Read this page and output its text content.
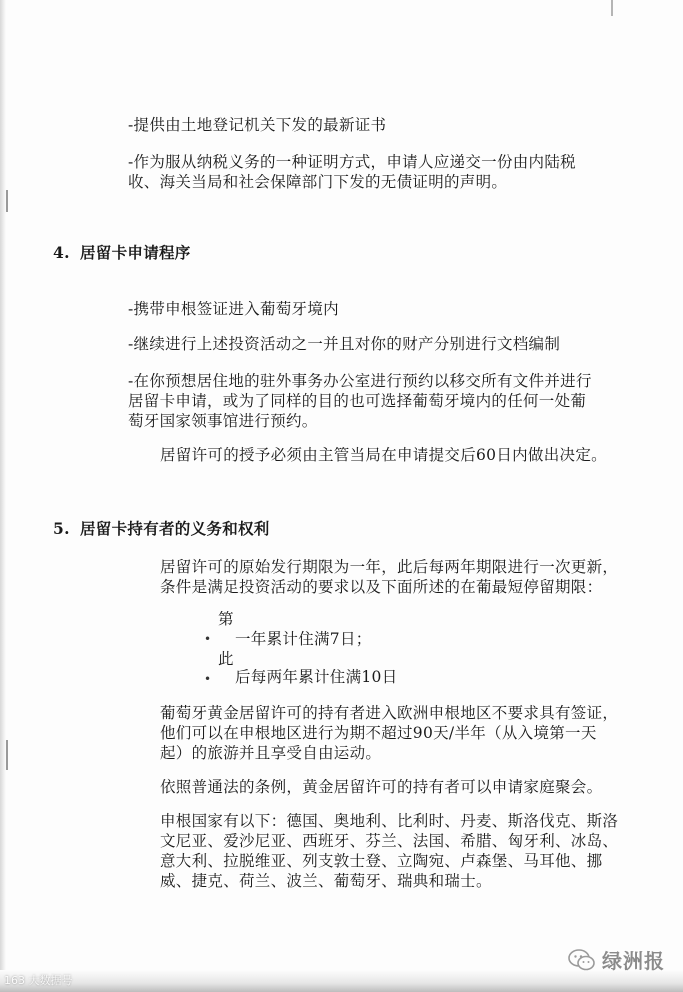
-提供由土地登记机关下发的最新证书
-作为服从纳税义务的一种证明方式，申请人应递交一份由内陆税
收、海关当局和社会保障部门下发的无债证明的声明。
4. 居留卡申请程序
-携带申根签证进入葡萄牙境内
-继续进行上述投资活动之一并且对你的财产分别进行文档编制
-在你预想居住地的驻外事务办公室进行预约以移交所有文件并进行
居留卡申请，或为了同样的目的也可选择葡萄牙境内的任何一处葡
萄牙国家领事馆进行预约。
居留许可的授予必须由主管当局在申请提交后60日内做出决定。
5. 居留卡持有者的义务和权利
居留许可的原始发行期限为一年，此后每两年期限进行一次更新，
条件是满足投资活动的要求以及下面所述的在葡最短停留期限：
第
• 一年累计住满7日；
此
• 后每两年累计住满10日
葡萄牙黄金居留许可的持有者进入欧洲申根地区不要求具有签证，
他们可以在申根地区进行为期不超过90天/半年（从入境第一天
起）的旅游并且享受自由运动。
依照普通法的条例，黄金居留许可的持有者可以申请家庭聚会。
申根国家有以下：德国、奥地利、比利时、丹麦、斯洛伐克、斯洛
文尼亚、爱沙尼亚、西班牙、芬兰、法国、希腊、匈牙利、冰岛、
意大利、拉脱维亚、列支敦士登、立陶宛、卢森堡、马耳他、挪
威、捷克、荷兰、波兰、葡萄牙、瑞典和瑞士。
163 大数据号
绿洲报
